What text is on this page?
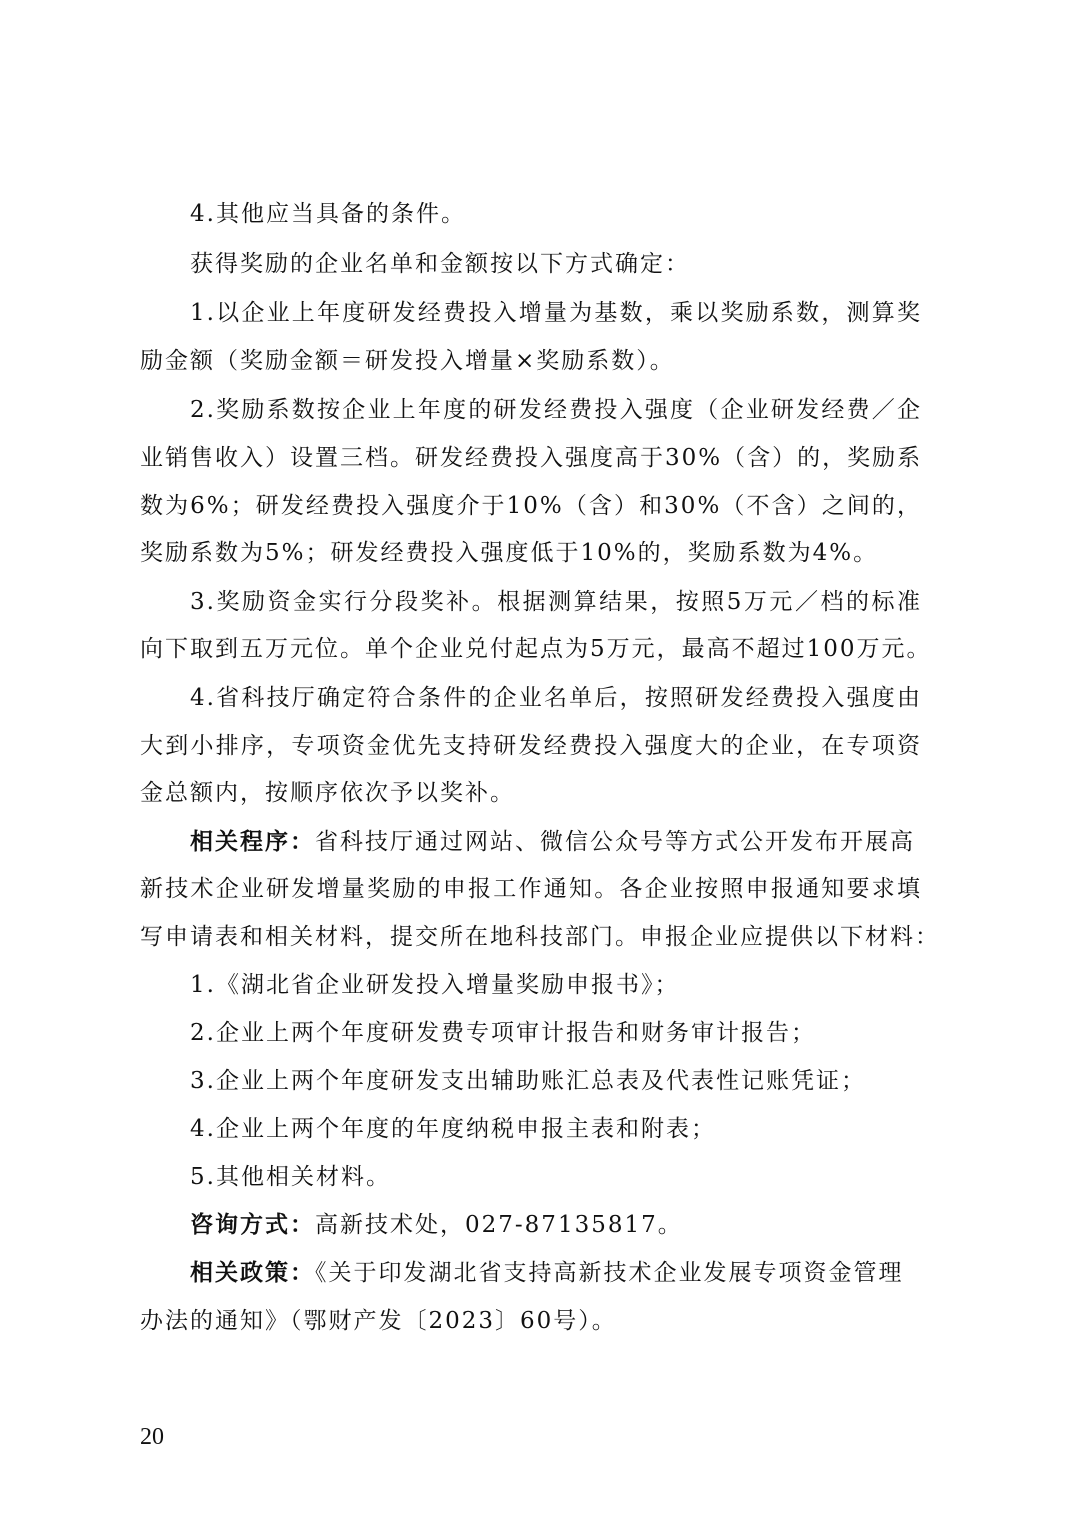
4.其他应当具备的条件。
获得奖励的企业名单和金额按以下方式确定：
1.以企业上年度研发经费投入增量为基数，乘以奖励系数，测算奖
励金额（奖励金额＝研发投入增量×奖励系数）。
2.奖励系数按企业上年度的研发经费投入强度（企业研发经费／企
业销售收入）设置三档。研发经费投入强度高于30%（含）的，奖励系
数为6%；研发经费投入强度介于10%（含）和30%（不含）之间的，
奖励系数为5%；研发经费投入强度低于10%的，奖励系数为4%。
3.奖励资金实行分段奖补。根据测算结果，按照5万元／档的标准
向下取到五万元位。单个企业兑付起点为5万元，最高不超过100万元。
4.省科技厅确定符合条件的企业名单后，按照研发经费投入强度由
大到小排序，专项资金优先支持研发经费投入强度大的企业，在专项资
金总额内，按顺序依次予以奖补。
相关程序：省科技厅通过网站、微信公众号等方式公开发布开展高
新技术企业研发增量奖励的申报工作通知。各企业按照申报通知要求填
写申请表和相关材料，提交所在地科技部门。申报企业应提供以下材料：
1.《湖北省企业研发投入增量奖励申报书》；
2.企业上两个年度研发费专项审计报告和财务审计报告；
3.企业上两个年度研发支出辅助账汇总表及代表性记账凭证；
4.企业上两个年度的年度纳税申报主表和附表；
5.其他相关材料。
咨询方式：高新技术处，027-87135817。
相关政策：《关于印发湖北省支持高新技术企业发展专项资金管理
办法的通知》（鄂财产发〔2023〕60号）。
20
